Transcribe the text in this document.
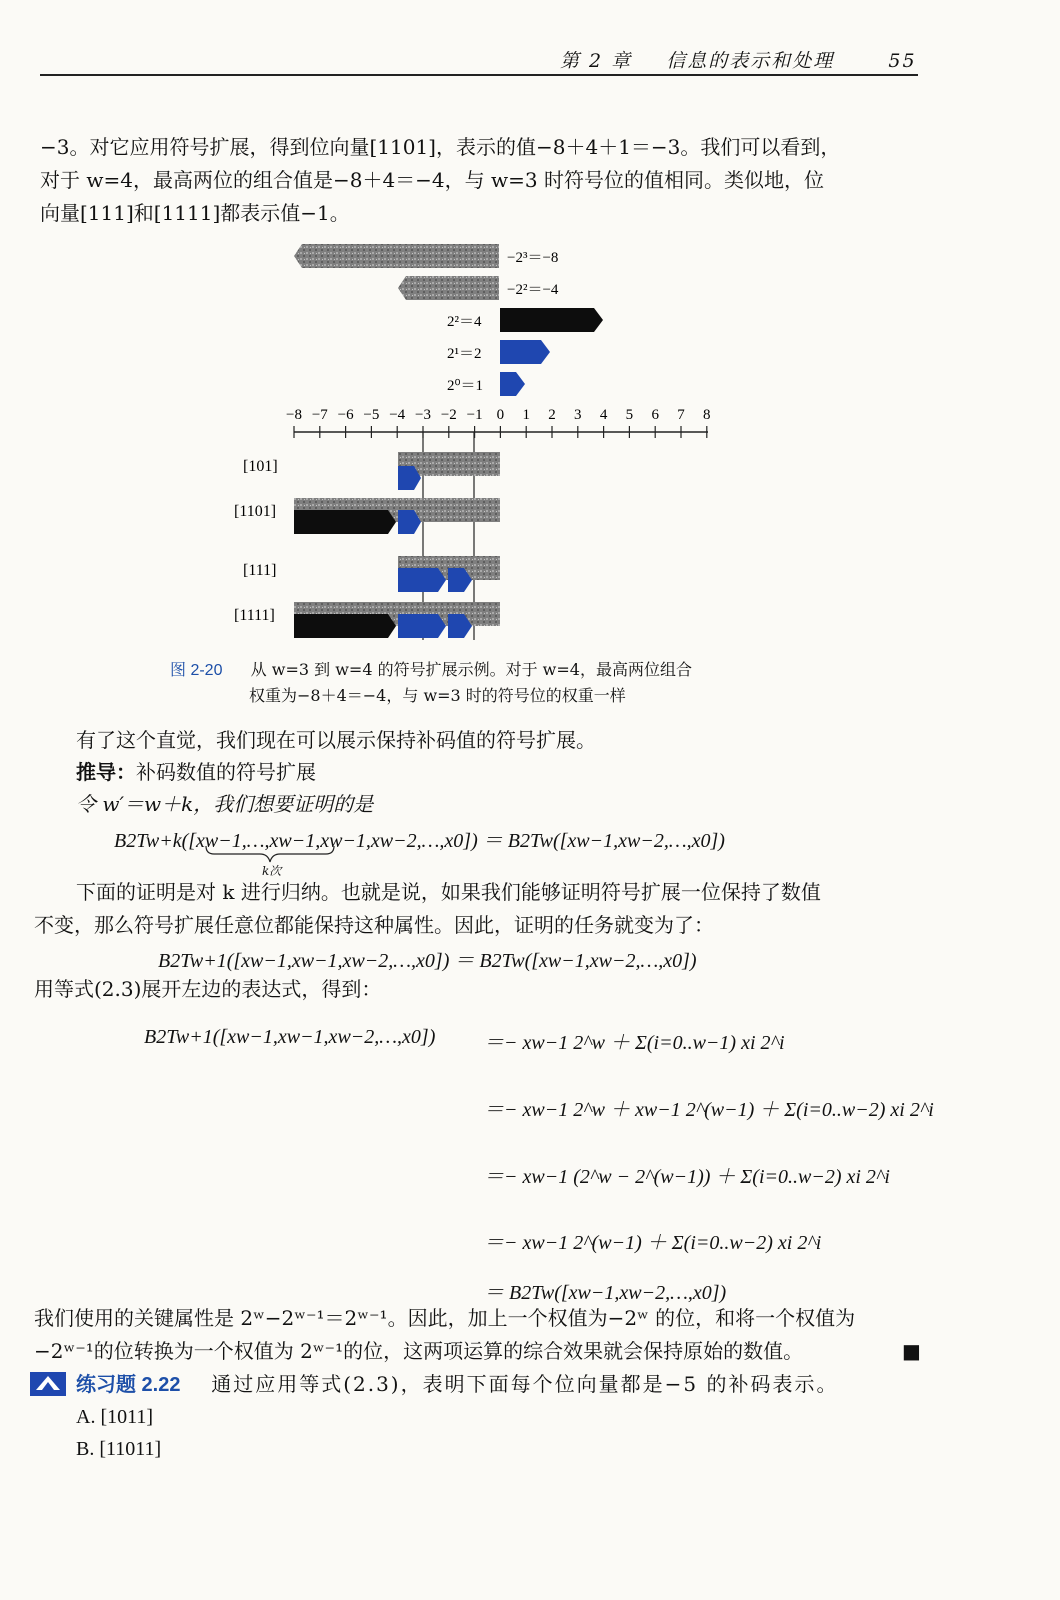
第 2 章 信息的表示和处理	55
−3。对它应用符号扩展，得到位向量[1101]，表示的值−8＋4＋1＝−3。我们可以看到，
对于 w=4，最高两位的组合值是−8＋4＝−4，与 w=3 时符号位的值相同。类似地，位
向量[111]和[1111]都表示值−1。
−2³＝−8
−2²＝−4
2²＝4
2¹＝2
2⁰＝1
−8 −7 −6 −5 −4 −3 −2 −1 0 1 2 3 4 5 6 7 8
[101]
[1101]
[111]
[1111]
图 2-20 从 w=3 到 w=4 的符号扩展示例。对于 w=4，最高两位组合
权重为−8＋4＝−4，与 w=3 时的符号位的权重一样
有了这个直觉，我们现在可以展示保持补码值的符号扩展。
推导：补码数值的符号扩展
令 w′＝w＋k，我们想要证明的是
B2Tw+k([xw−1,…,xw−1,xw−1,xw−2,…,x0]) ＝ B2Tw([xw−1,xw−2,…,x0])
k次
下面的证明是对 k 进行归纳。也就是说，如果我们能够证明符号扩展一位保持了数值
不变，那么符号扩展任意位都能保持这种属性。因此，证明的任务就变为了：
B2Tw+1([xw−1,xw−1,xw−2,…,x0]) ＝ B2Tw([xw−1,xw−2,…,x0])
用等式(2.3)展开左边的表达式，得到：
B2Tw+1([xw−1,xw−1,xw−2,…,x0]) ＝− xw−1 2^w ＋ Σ(i=0..w−1) xi 2^i
＝− xw−1 2^w ＋ xw−1 2^(w−1) ＋ Σ(i=0..w−2) xi 2^i
＝− xw−1 (2^w − 2^(w−1)) ＋ Σ(i=0..w−2) xi 2^i
＝− xw−1 2^(w−1) ＋ Σ(i=0..w−2) xi 2^i
＝ B2Tw([xw−1,xw−2,…,x0])
我们使用的关键属性是 2ʷ−2ʷ⁻¹＝2ʷ⁻¹。因此，加上一个权值为−2ʷ 的位，和将一个权值为
−2ʷ⁻¹的位转换为一个权值为 2ʷ⁻¹的位，这两项运算的综合效果就会保持原始的数值。	■
练习题 2.22 通过应用等式(2.3)，表明下面每个位向量都是−5 的补码表示。
A. [1011]
B. [11011]
